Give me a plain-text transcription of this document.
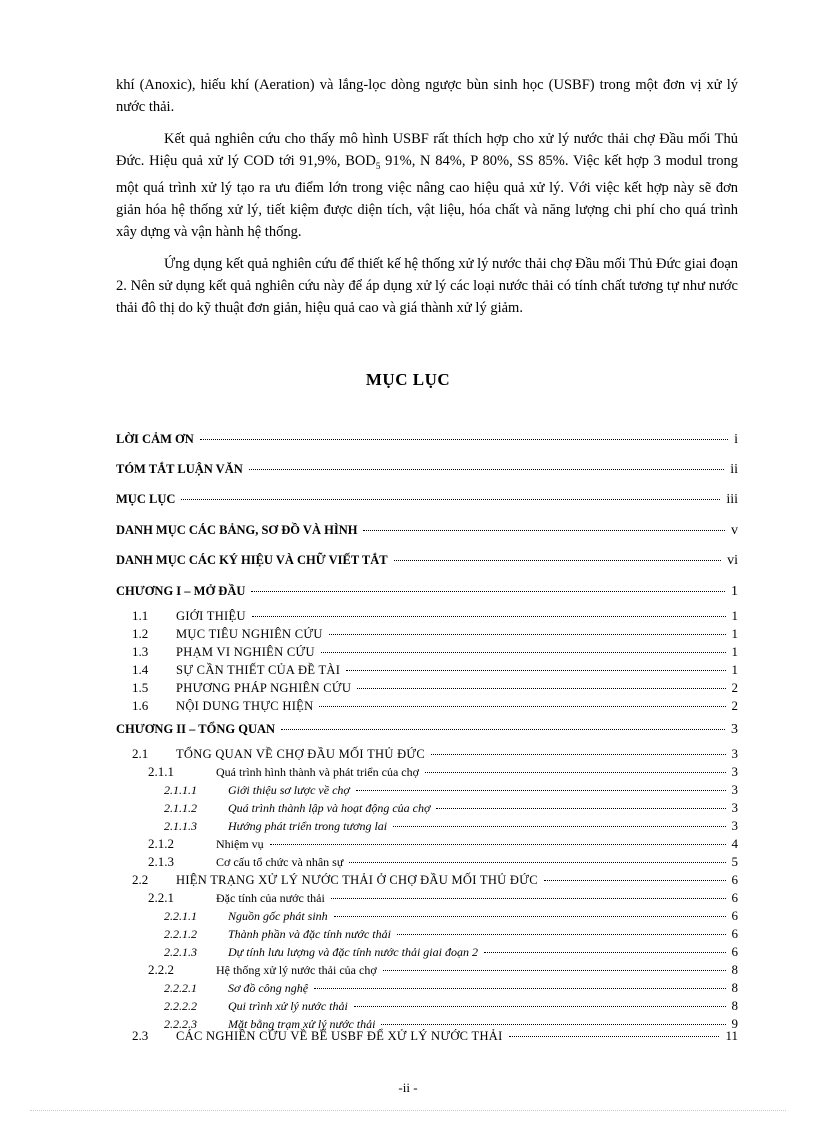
khí (Anoxic), hiếu khí (Aeration) và lắng-lọc dòng ngược bùn sinh học (USBF) trong một đơn vị xử lý nước thải.

Kết quả nghiên cứu cho thấy mô hình USBF rất thích hợp cho xử lý nước thải chợ Đầu mối Thủ Đức. Hiệu quả xử lý COD tới 91,9%, $BOD_5$ 91%, N 84%, P 80%, SS 85%. Việc kết hợp 3 modul trong một quá trình xử lý tạo ra ưu điểm lớn trong việc nâng cao hiệu quả xử lý. Với việc kết hợp này sẽ đơn giản hóa hệ thống xử lý, tiết kiệm được diện tích, vật liệu, hóa chất và năng lượng chi phí cho quá trình xây dựng và vận hành hệ thống.

Ứng dụng kết quả nghiên cứu để thiết kế hệ thống xử lý nước thải chợ Đầu mối Thủ Đức giai đoạn 2. Nên sử dụng kết quả nghiên cứu này để áp dụng xử lý các loại nước thải có tính chất tương tự như nước thải đô thị do kỹ thuật đơn giản, hiệu quả cao và giá thành xử lý giảm.

MỤC LỤC
LỜI CẢM ƠN	i
TÓM TẮT LUẬN VĂN	ii
MỤC LỤC	iii
DANH MỤC CÁC BẢNG, SƠ ĐỒ VÀ HÌNH	v
DANH MỤC CÁC KÝ HIỆU VÀ CHỮ VIẾT TẮT	vi
CHƯƠNG I – MỞ ĐẦU	1
1.1	GIỚI THIỆU	1
1.2	MỤC TIÊU NGHIÊN CỨU	1
1.3	PHẠM VI NGHIÊN CỨU	1
1.4	SỰ CẦN THIẾT CỦA ĐỀ TÀI	1
1.5	PHƯƠNG PHÁP NGHIÊN CỨU	2
1.6	NỘI DUNG THỰC HIỆN	2
CHƯƠNG II – TỔNG QUAN	3
2.1	TỔNG QUAN VỀ CHỢ ĐẦU MỐI THỦ ĐỨC	3
2.1.1	Quá trình hình thành và phát triển của chợ	3
2.1.1.1	Giới thiệu sơ lược về chợ	3
2.1.1.2	Quá trình thành lập và hoạt động của chợ	3
2.1.1.3	Hướng phát triển trong tương lai	3
2.1.2	Nhiệm vụ	4
2.1.3	Cơ cấu tổ chức và nhân sự	5
2.2	HIỆN TRẠNG XỬ LÝ NƯỚC THẢI Ở CHỢ ĐẦU MỐI THỦ ĐỨC	6
2.2.1	Đặc tính của nước thải	6
2.2.1.1	Nguồn gốc phát sinh	6
2.2.1.2	Thành phần và đặc tính nước thải	6
2.2.1.3	Dự tính lưu lượng và đặc tính nước thải giai đoạn 2	6
2.2.2	Hệ thống xử lý nước thải của chợ	8
2.2.2.1	Sơ đồ công nghệ	8
2.2.2.2	Qui trình xử lý nước thải	8
2.2.2.3	Mặt bằng trạm xử lý nước thải	9
2.3	CÁC NGHIÊN CỨU VỀ BỂ USBF ĐỂ XỬ LÝ NƯỚC THẢI	11
-ii -
